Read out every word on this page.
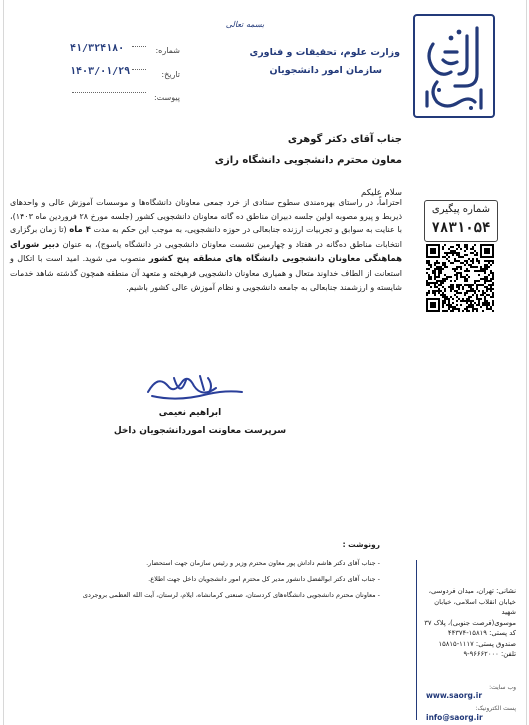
۴۱/۳۲۴۱۸۰	شماره:
۱۴۰۳/۰۱/۲۹	تاریخ:
پیوست:
بسمه تعالی
وزارت علوم، تحقیقات و فناوری
سازمان امور دانشجویان
جناب آقای دکتر گوهری
معاون محترم دانشجویی دانشگاه رازی
سلام علیکم
احتراماً، در راستای بهره‌مندی سطوح ستادی از خرد جمعی معاونان دانشگاه‌ها و موسسات آموزش عالی و واحدهای ذیربط و پیرو مصوبه اولین جلسه دبیران مناطق ده گانه معاونان دانشجویی کشور (جلسه مورخ ۲۸ فروردین ماه ۱۴۰۳)، با عنایت به سوابق و تجربیات ارزنده جنابعالی در حوزه دانشجویی، به موجب این حکم به مدت ۴ ماه (تا زمان برگزاری انتخابات مناطق ده‌گانه در هفتاد و چهارمین نشست معاونان دانشجویی در دانشگاه یاسوج)، به عنوان دبیر شورای هماهنگی معاونان دانشجویی دانشگاه های منطقه پنج کشور منصوب می شوید. امید است با اتکال و استعانت از الطاف خداوند متعال و همیاری معاونان دانشجویی فرهیخته و متعهد آن منطقه همچون گذشته شاهد خدمات شایسته و ارزشمند جنابعالی به جامعه دانشجویی و نظام آموزش عالی کشور باشیم.
شماره پیگیری
۷۸۳۱۰۵۴
ابراهیم نعیمی
سرپرست معاونت اموردانشجویان داخل
رونوشت :
- جناب آقای دکتر هاشم داداش پور معاون محترم وزیر و رئیس سازمان جهت استحضار.
- جناب آقای دکتر ابوالفضل دانشور مدیر کل محترم امور دانشجویان داخل جهت اطلاع.
- معاونان محترم دانشجویی دانشگاه‌های کردستان، صنعتی کرمانشاه، ایلام، لرستان، آیت الله العظمی بروجردی	نشانی: تهران، میدان فردوسی،
خیابان انقلاب اسلامی، خیابان شهید
موسوی(فرصت جنوبی)، پلاک ۳۷
کد پستی: ۱۵۸۱۹-۴۴۳۷۴
صندوق پستی: ۱۱۱۷-۱۵۸۱۵
تلفن: ۹۶۶۶۲۰۰۰-۹
وب سایت:
www.saorg.ir
پست الکترونیک:
info@saorg.ir
